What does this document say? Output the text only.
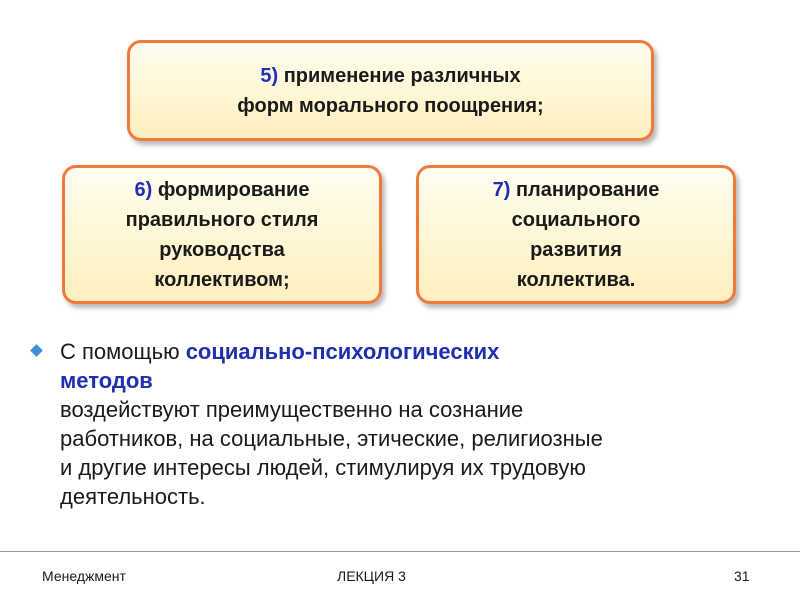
5) применение различных
форм морального поощрения;
6) формирование
правильного стиля
руководства
коллективом;
7) планирование
социального
развития
коллектива.
С помощью социально-психологических
методов
воздействуют преимущественно на сознание
работников, на социальные, этические, религиозные
и другие интересы людей, стимулируя их трудовую
деятельность.
Менеджмент	ЛЕКЦИЯ 3	31
